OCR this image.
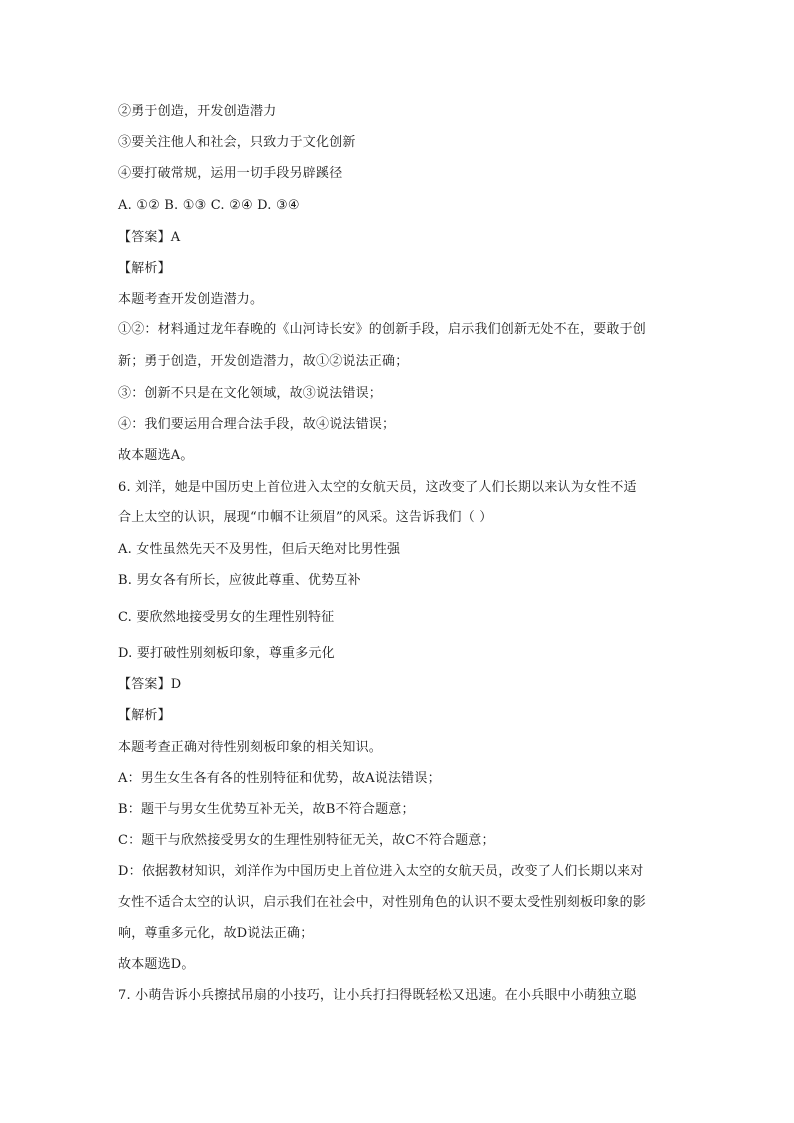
②勇于创造，开发创造潜力
③要关注他人和社会，只致力于文化创新
④要打破常规，运用一切手段另辟蹊径
A. ①② B. ①③ C. ②④ D. ③④
【答案】A
【解析】
本题考查开发创造潜力。
①②：材料通过龙年春晚的《山河诗长安》的创新手段，启示我们创新无处不在，要敢于创
新；勇于创造，开发创造潜力，故①②说法正确；
③：创新不只是在文化领域，故③说法错误；
④：我们要运用合理合法手段，故④说法错误；
故本题选A。
6. 刘洋，她是中国历史上首位进入太空的女航天员，这改变了人们长期以来认为女性不适
合上太空的认识，展现“巾帼不让须眉”的风采。这告诉我们（ ）
A. 女性虽然先天不及男性，但后天绝对比男性强
B. 男女各有所长，应彼此尊重、优势互补
C. 要欣然地接受男女的生理性别特征
D. 要打破性别刻板印象，尊重多元化
【答案】D
【解析】
本题考查正确对待性别刻板印象的相关知识。
A：男生女生各有各的性别特征和优势，故A说法错误；
B：题干与男女生优势互补无关，故B不符合题意；
C：题干与欣然接受男女的生理性别特征无关，故C不符合题意；
D：依据教材知识，刘洋作为中国历史上首位进入太空的女航天员，改变了人们长期以来对
女性不适合太空的认识，启示我们在社会中，对性别角色的认识不要太受性别刻板印象的影
响，尊重多元化，故D说法正确；
故本题选D。
7. 小萌告诉小兵擦拭吊扇的小技巧，让小兵打扫得既轻松又迅速。在小兵眼中小萌独立聪
